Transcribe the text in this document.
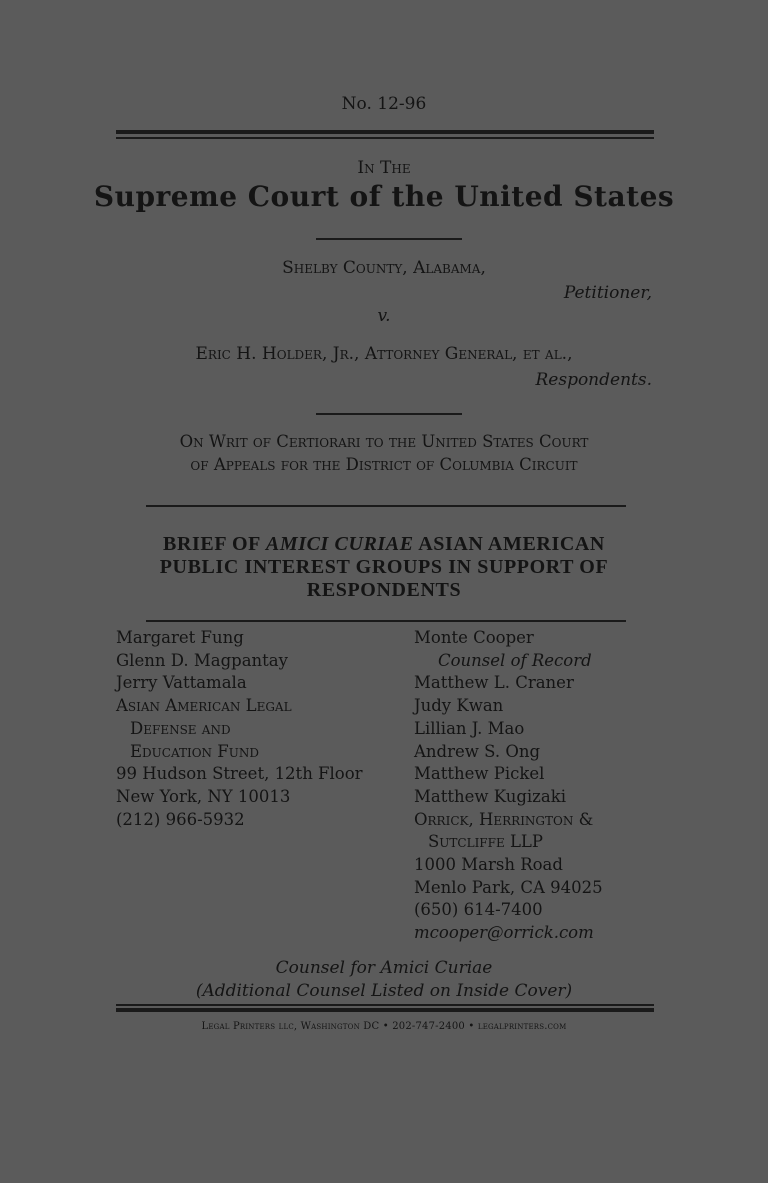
No. 12-96
In The
Supreme Court of the United States
Shelby County, Alabama,
Petitioner,
v.
Eric H. Holder, Jr., Attorney General, et al.,
Respondents.
On Writ of Certiorari to the United States Court
of Appeals for the District of Columbia Circuit
BRIEF OF AMICI CURIAE ASIAN AMERICAN
PUBLIC INTEREST GROUPS IN SUPPORT OF
RESPONDENTS
Margaret Fung
Glenn D. Magpantay
Jerry Vattamala
Asian American Legal
Defense and
Education Fund
99 Hudson Street, 12th Floor
New York, NY 10013
(212) 966-5932
Monte Cooper
Counsel of Record
Matthew L. Craner
Judy Kwan
Lillian J. Mao
Andrew S. Ong
Matthew Pickel
Matthew Kugizaki
Orrick, Herrington &
Sutcliffe LLP
1000 Marsh Road
Menlo Park, CA 94025
(650) 614-7400
mcooper@orrick.com
Counsel for Amici Curiae
(Additional Counsel Listed on Inside Cover)
Legal Printers llc, Washington DC • 202-747-2400 • legalprinters.com
